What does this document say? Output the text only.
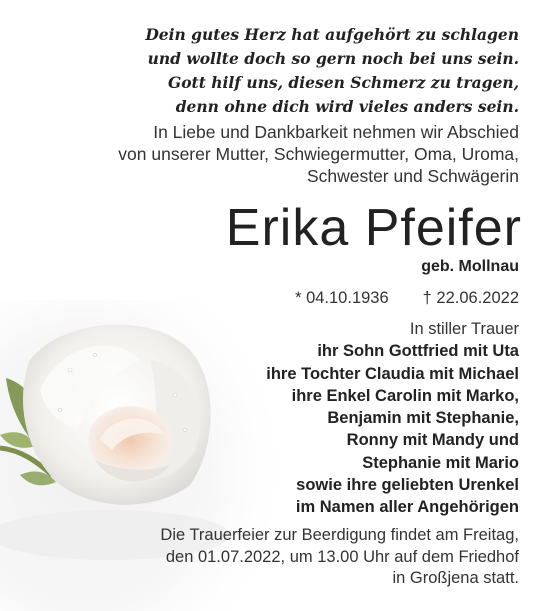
Dein gutes Herz hat aufgehört zu schlagen
und wollte doch so gern noch bei uns sein.
Gott hilf uns, diesen Schmerz zu tragen,
denn ohne dich wird vieles anders sein.
In Liebe und Dankbarkeit nehmen wir Abschied
von unserer Mutter, Schwiegermutter, Oma, Uroma,
Schwester und Schwägerin
Erika Pfeifer
geb. Mollnau
* 04.10.1936 † 22.06.2022
In stiller Trauer
ihr Sohn Gottfried mit Uta
ihre Tochter Claudia mit Michael
ihre Enkel Carolin mit Marko,
Benjamin mit Stephanie,
Ronny mit Mandy und
Stephanie mit Mario
sowie ihre geliebten Urenkel
im Namen aller Angehörigen
Die Trauerfeier zur Beerdigung findet am Freitag,
den 01.07.2022, um 13.00 Uhr auf dem Friedhof
in Großjena statt.
